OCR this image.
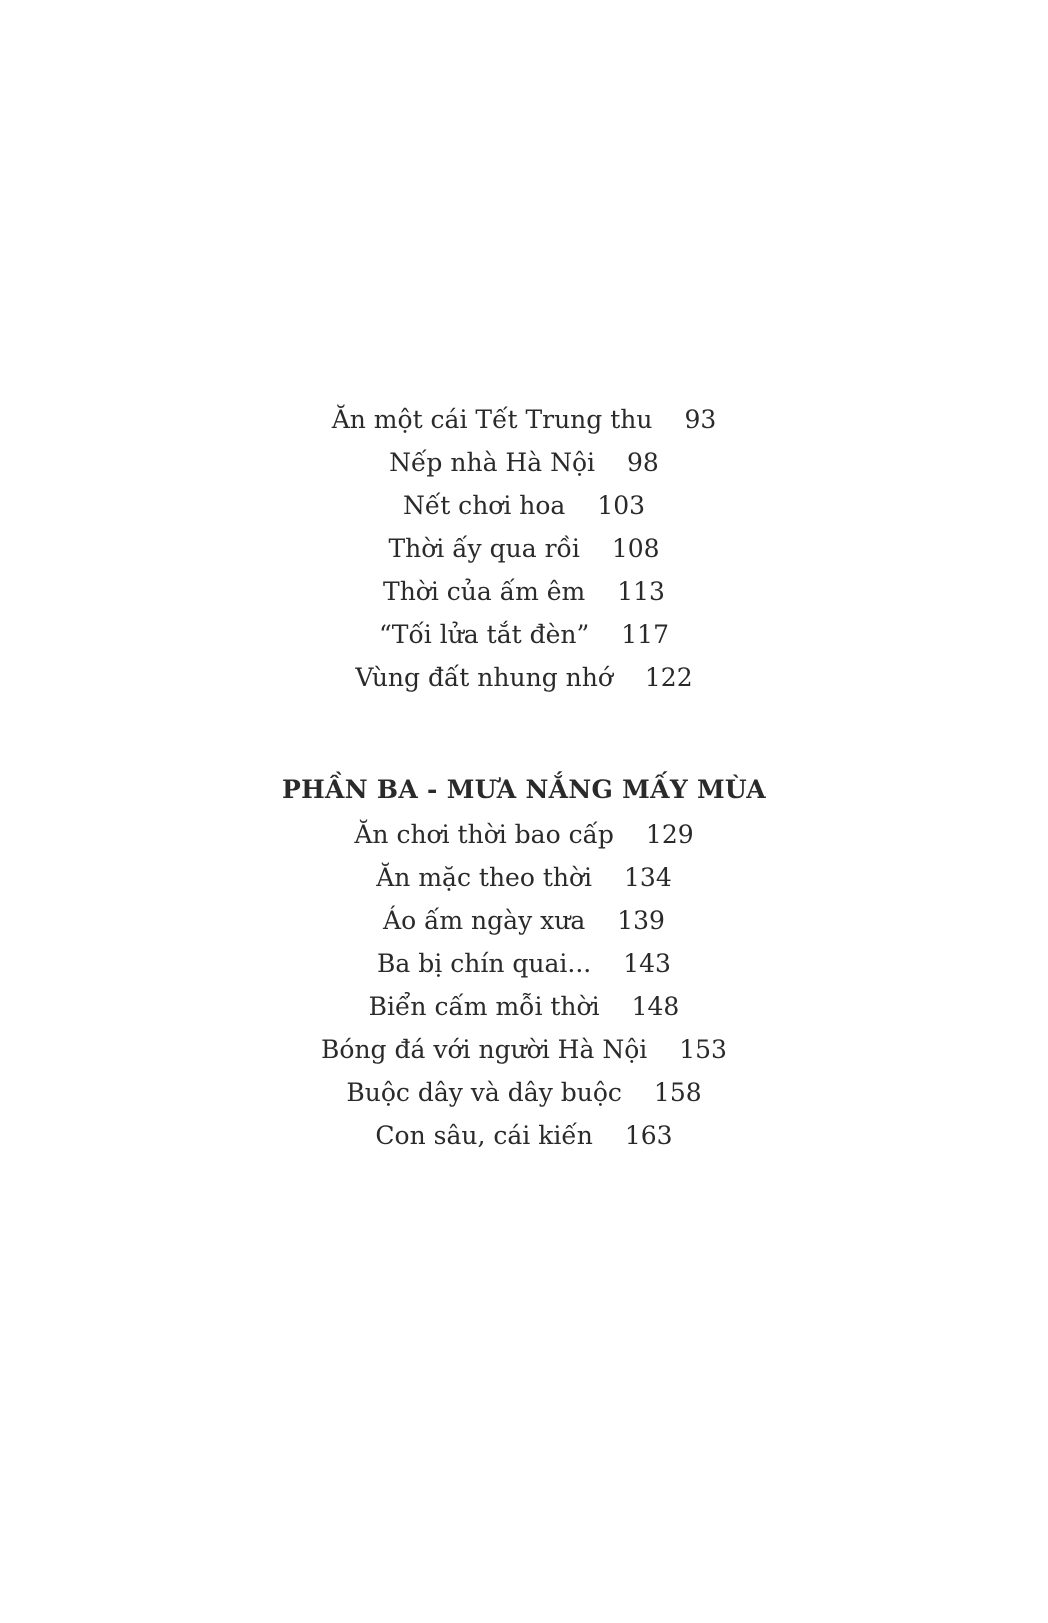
Ăn một cái Tết Trung thu 93
Nếp nhà Hà Nội 98
Nết chơi hoa 103
Thời ấy qua rồi 108
Thời của ấm êm 113
“Tối lửa tắt đèn” 117
Vùng đất nhung nhớ 122
PHẦN BA - MƯA NẮNG MẤY MÙA
Ăn chơi thời bao cấp 129
Ăn mặc theo thời 134
Áo ấm ngày xưa 139
Ba bị chín quai... 143
Biển cấm mỗi thời 148
Bóng đá với người Hà Nội 153
Buộc dây và dây buộc 158
Con sâu, cái kiến 163
